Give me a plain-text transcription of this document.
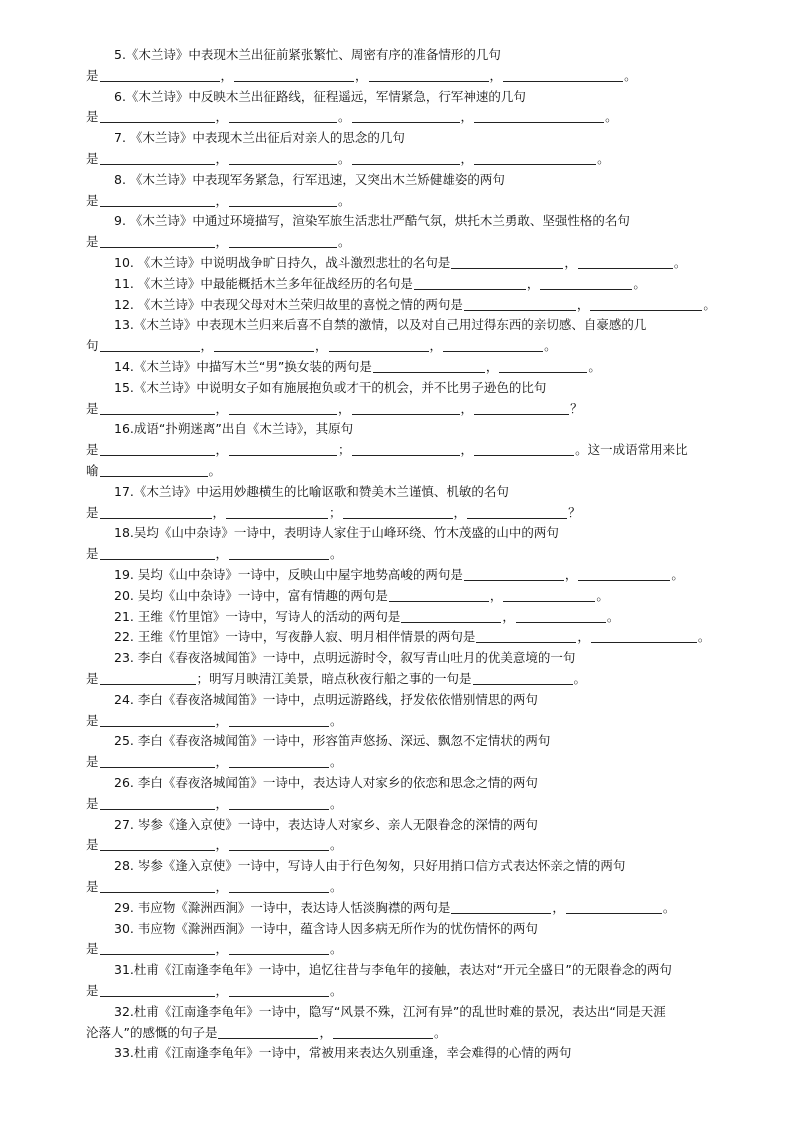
5.《木兰诗》中表现木兰出征前紧张繁忙、周密有序的准备情形的几句
是	，	，	，	。
6.《木兰诗》中反映木兰出征路线，征程遥远，军情紧急，行军神速的几句
是	，	。	，	。
7. 《木兰诗》中表现木兰出征后对亲人的思念的几句
是	，	。	，	。
8. 《木兰诗》中表现军务紧急，行军迅速，又突出木兰矫健雄姿的两句
是	，	。
9. 《木兰诗》中通过环境描写，渲染军旅生活悲壮严酷气氛，烘托木兰勇敢、坚强性格的名句
是	，	。
10. 《木兰诗》中说明战争旷日持久，战斗激烈悲壮的名句是	，	。
11. 《木兰诗》中最能概括木兰多年征战经历的名句是	，	。
12. 《木兰诗》中表现父母对木兰荣归故里的喜悦之情的两句是	，	。
13.《木兰诗》中表现木兰归来后喜不自禁的激情，以及对自己用过得东西的亲切感、自豪感的几
句	，	，	，	。
14.《木兰诗》中描写木兰“男”换女装的两句是	，	。
15.《木兰诗》中说明女子如有施展抱负或才干的机会，并不比男子逊色的比句
是	，	，	，	？
16.成语“扑朔迷离”出自《木兰诗》，其原句
是	，	；	，	。这一成语常用来比
喻	。
17.《木兰诗》中运用妙趣横生的比喻讴歌和赞美木兰谨慎、机敏的名句
是	，	；	，	？
18.吴均《山中杂诗》一诗中，表明诗人家住于山峰环绕、竹木茂盛的山中的两句
是	，	。
19. 吴均《山中杂诗》一诗中，反映山中屋宇地势高峻的两句是	，	。
20. 吴均《山中杂诗》一诗中，富有情趣的两句是	，	。
21. 王维《竹里馆》一诗中，写诗人的活动的两句是	，	。
22. 王维《竹里馆》一诗中，写夜静人寂、明月相伴情景的两句是	，	。
23. 李白《春夜洛城闻笛》一诗中，点明远游时令，叙写青山吐月的优美意境的一句
是	；明写月映清江美景，暗点秋夜行船之事的一句是	。
24. 李白《春夜洛城闻笛》一诗中，点明远游路线，抒发依依惜别情思的两句
是	，	。
25. 李白《春夜洛城闻笛》一诗中，形容笛声悠扬、深远、飘忽不定情状的两句
是	，	。
26. 李白《春夜洛城闻笛》一诗中，表达诗人对家乡的依恋和思念之情的两句
是	，	。
27. 岑参《逢入京使》一诗中，表达诗人对家乡、亲人无限眷念的深情的两句
是	，	。
28. 岑参《逢入京使》一诗中，写诗人由于行色匆匆，只好用捎口信方式表达怀亲之情的两句
是	，	。
29. 韦应物《滁洲西涧》一诗中，表达诗人恬淡胸襟的两句是	，	。
30. 韦应物《滁洲西涧》一诗中，蕴含诗人因多病无所作为的忧伤情怀的两句
是	，	。
31.杜甫《江南逢李龟年》一诗中，追忆往昔与李龟年的接触，表达对“开元全盛日”的无限眷念的两句
是	，	。
32.杜甫《江南逢李龟年》一诗中，隐写“风景不殊，江河有异”的乱世时难的景况，表达出“同是天涯
沦落人”的感慨的句子是	，	。
33.杜甫《江南逢李龟年》一诗中，常被用来表达久别重逢，幸会难得的心情的两句
